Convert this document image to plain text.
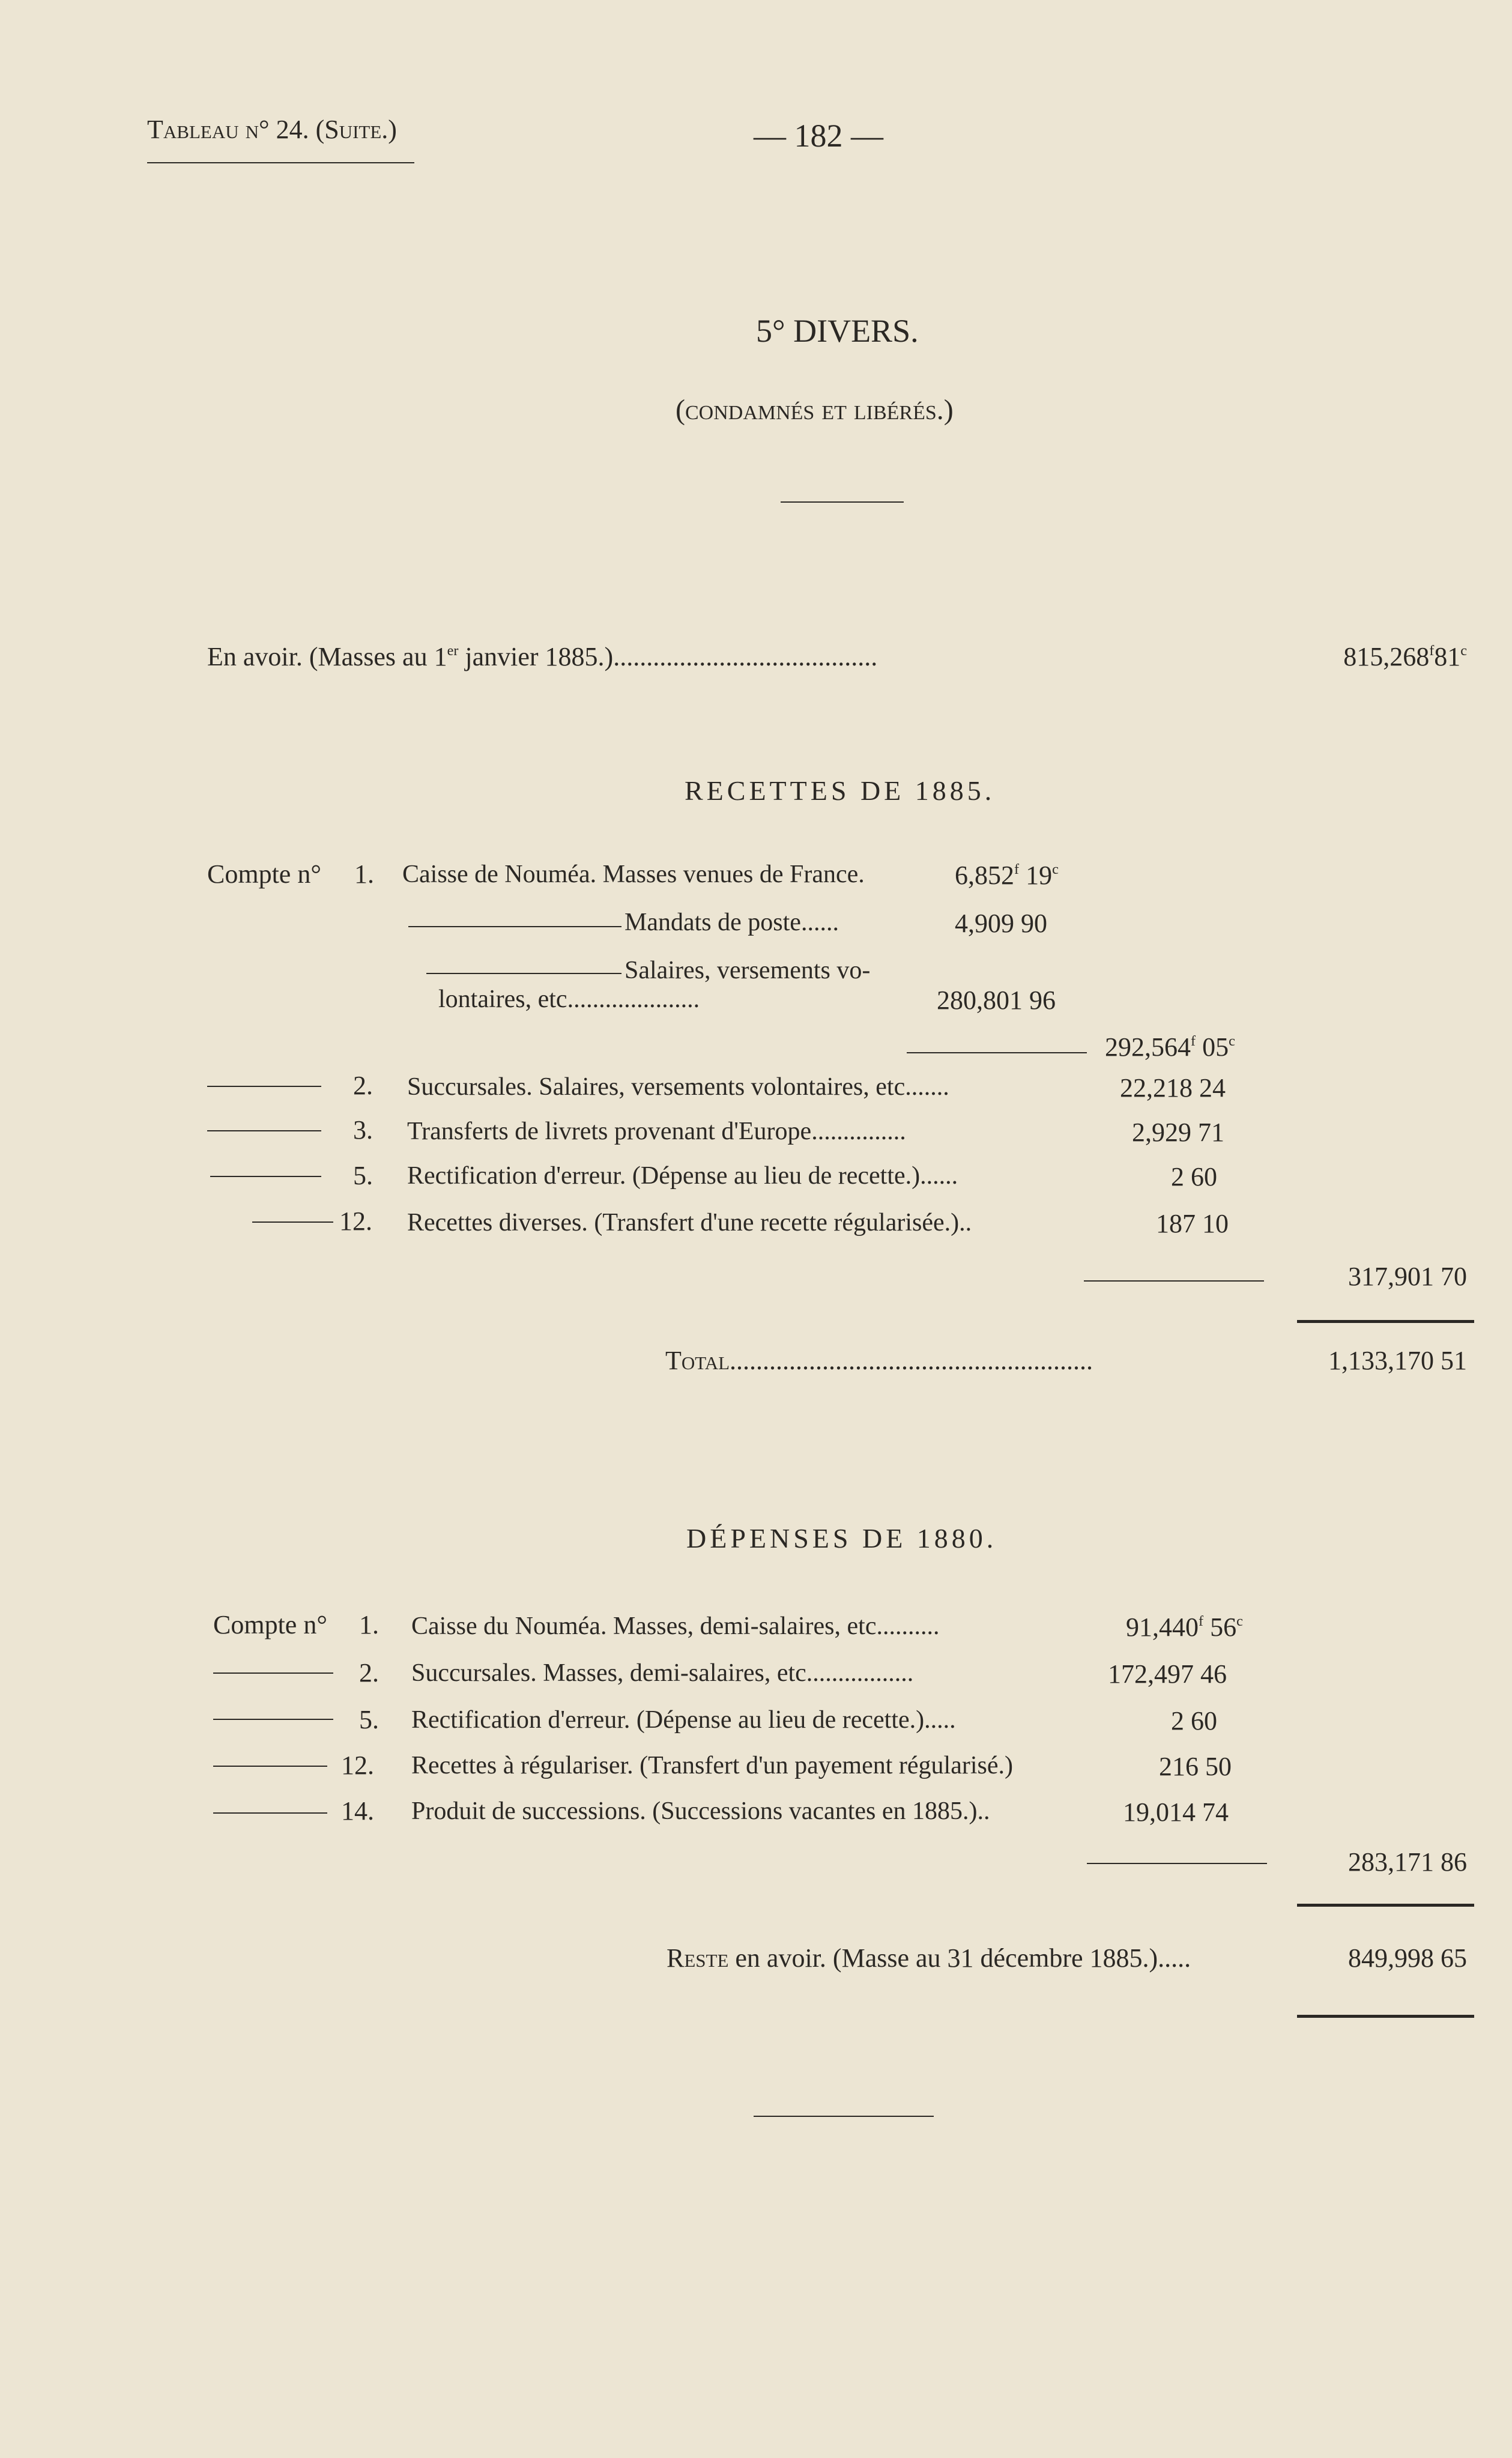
Tableau n° 24. (Suite.)	— 182 —
5° DIVERS.
(condamnés et libérés.)
En avoir. (Masses au 1er janvier 1885.)........................................	815,268$^f$81$^c$
RECETTES DE 1885.
Compte n° 1. Caisse de Nouméa. Masses venues de France.	6,852$^f$ 19$^c$
Mandats de poste......	4,909 90
Salaires, versements vo-
lontaires, etc.....................	280,801 96
292,564$^f$ 05$^c$
2. Succursales. Salaires, versements volontaires, etc.......	22,218 24
3. Transferts de livrets provenant d'Europe...............	2,929 71
5. Rectification d'erreur. (Dépense au lieu de recette.)......	2 60
12. Recettes diverses. (Transfert d'une recette régularisée.)..	187 10
317,901 70
Total.......................................................	1,133,170 51
DÉPENSES DE 1880.
Compte n° 1. Caisse du Nouméa. Masses, demi-salaires, etc..........	91,440$^f$ 56$^c$
2. Succursales. Masses, demi-salaires, etc.................	172,497 46
5. Rectification d'erreur. (Dépense au lieu de recette.).....	2 60
12. Recettes à régulariser. (Transfert d'un payement régularisé.)	216 50
14. Produit de successions. (Successions vacantes en 1885.)..	19,014 74
283,171 86
Reste en avoir. (Masse au 31 décembre 1885.).....	849,998 65
